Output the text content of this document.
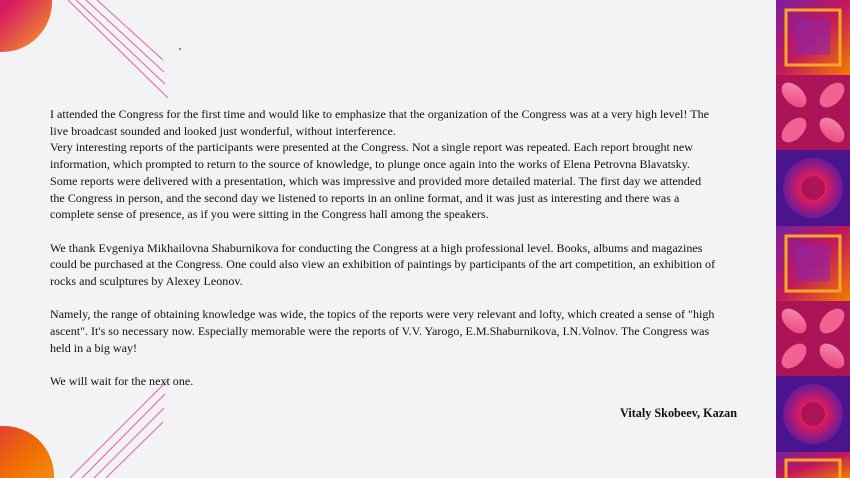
I attended the Congress for the first time and would like to emphasize that the organization of the Congress was at a very high level! The

live broadcast sounded and looked just wonderful, without interference.

Very interesting reports of the participants were presented at the Congress. Not a single report was repeated. Each report brought new

information, which prompted to return to the source of knowledge, to plunge once again into the works of Elena Petrovna Blavatsky.

Some reports were delivered with a presentation, which was impressive and provided more detailed material. The first day we attended

the Congress in person, and the second day we listened to reports in an online format, and it was just as interesting and there was a

complete sense of presence, as if you were sitting in the Congress hall among the speakers.

We thank Evgeniya Mikhailovna Shaburnikova for conducting the Congress at a high professional level. Books, albums and magazines

could be purchased at the Congress. One could also view an exhibition of paintings by participants of the art competition, an exhibition of

rocks and sculptures by Alexey Leonov.

Namely, the range of obtaining knowledge was wide, the topics of the reports were very relevant and lofty, which created a sense of "high

ascent". It's so necessary now. Especially memorable were the reports of V.V. Yarogo, E.M.Shaburnikova, I.N.Volnov. The Congress was

held in a big way!

We will wait for the next one.

Vitaly Skobeev, Kazan
